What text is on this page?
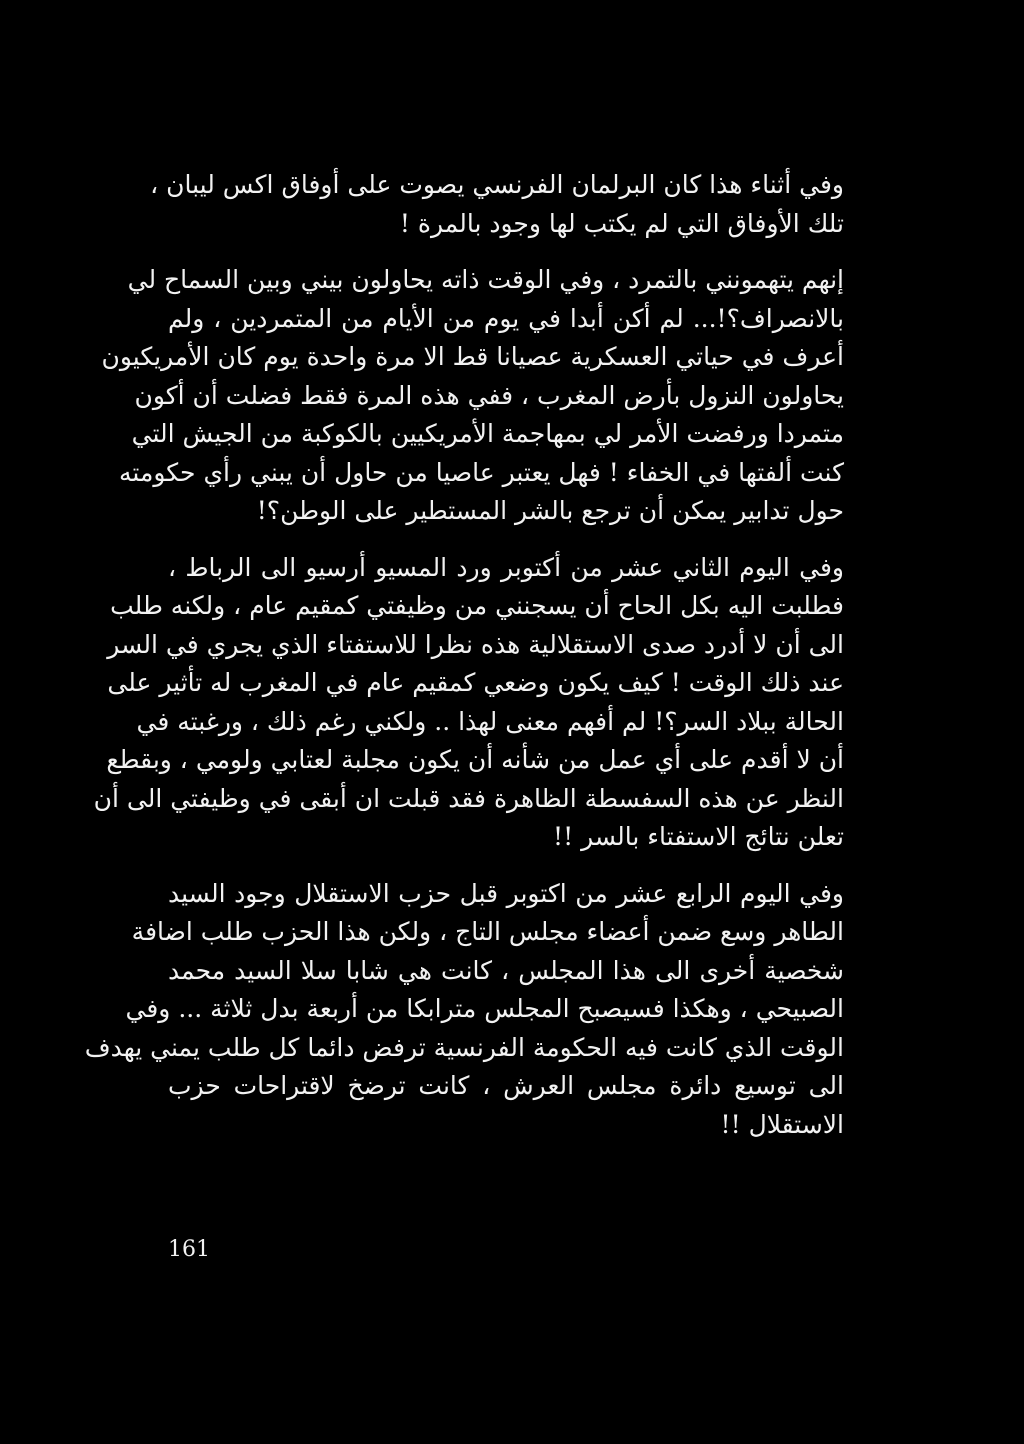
وفي أثناء هذا كان البرلمان الفرنسي يصوت على أوفاق اكس ليبان ،
تلك الأوفاق التي لم يكتب لها وجود بالمرة !

إنهم يتهمونني بالتمرد ، وفي الوقت ذاته يحاولون بيني وبين السماح لي
بالانصراف؟!... لم أكن أبدا في يوم من الأيام من المتمردين ، ولم
أعرف في حياتي العسكرية عصيانا قط الا مرة واحدة يوم كان الأمريكيون
يحاولون النزول بأرض المغرب ، ففي هذه المرة فقط فضلت أن أكون
متمردا ورفضت الأمر لي بمهاجمة الأمريكيين بالكوكبة من الجيش التي
كنت ألفتها في الخفاء ! فهل يعتبر عاصيا من حاول أن يبني رأي حكومته
حول تدابير يمكن أن ترجع بالشر المستطير على الوطن؟!

وفي اليوم الثاني عشر من أكتوبر ورد المسيو أرسيو الى الرباط ،
فطلبت اليه بكل الحاح أن يسجنني من وظيفتي كمقيم عام ، ولكنه طلب
الى أن لا أدرد صدى الاستقلالية هذه نظرا للاستفتاء الذي يجري في السر
عند ذلك الوقت ! كيف يكون وضعي كمقيم عام في المغرب له تأثير على
الحالة ببلاد السر؟! لم أفهم معنى لهذا .. ولكني رغم ذلك ، ورغبته في
أن لا أقدم على أي عمل من شأنه أن يكون مجلبة لعتابي ولومي ، وبقطع
النظر عن هذه السفسطة الظاهرة فقد قبلت ان أبقى في وظيفتي الى أن
تعلن نتائج الاستفتاء بالسر !!

وفي اليوم الرابع عشر من اكتوبر قبل حزب الاستقلال وجود السيد
الطاهر وسع ضمن أعضاء مجلس التاج ، ولكن هذا الحزب طلب اضافة
شخصية أخرى الى هذا المجلس ، كانت هي شابا سلا السيد محمد
الصبيحي ، وهكذا فسيصبح المجلس مترابكا من أربعة بدل ثلاثة ... وفي
الوقت الذي كانت فيه الحكومة الفرنسية ترفض دائما كل طلب يمني يهدف
الى توسيع دائرة مجلس العرش ، كانت ترضخ لاقتراحات حزب
الاستقلال !!

161
